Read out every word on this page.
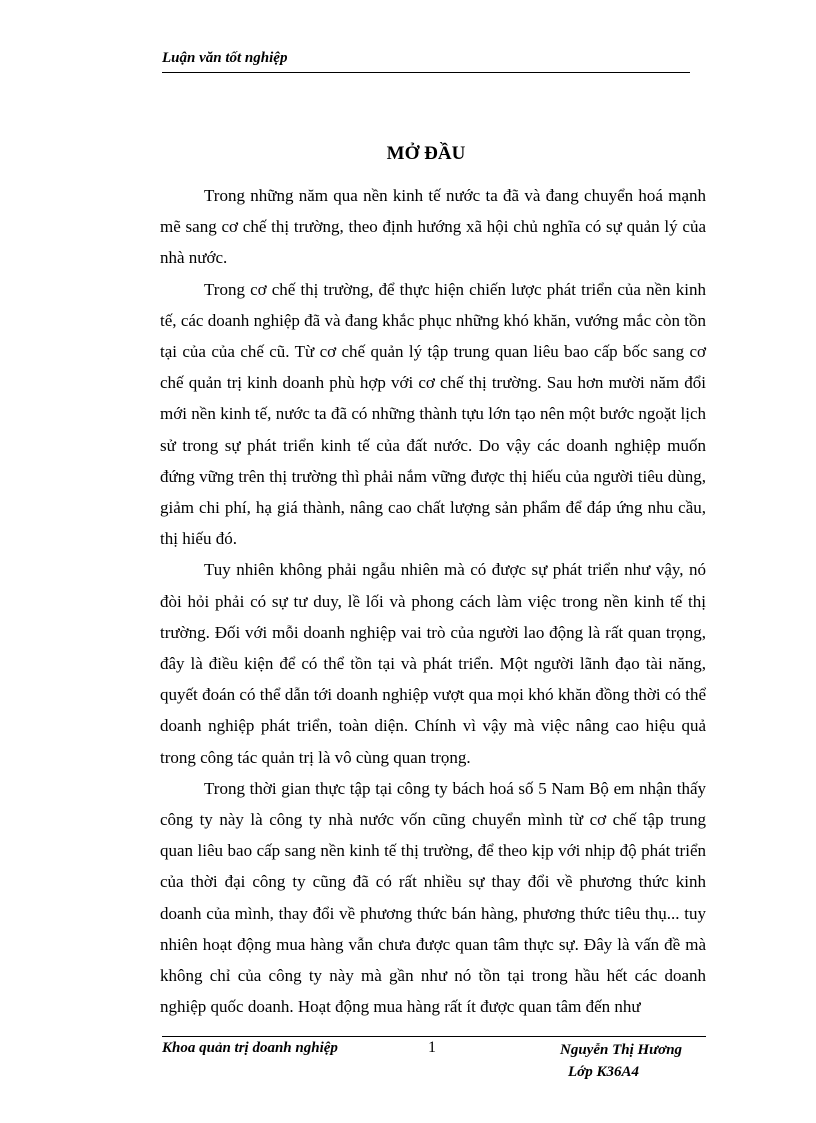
Luận văn tốt nghiệp
MỞ ĐẦU

Trong những năm qua nền kinh tế nước ta đã và đang chuyển hoá mạnh mẽ sang cơ chế thị trường, theo định hướng xã hội chủ nghĩa có sự quản lý của nhà nước.

Trong cơ chế thị trường, để thực hiện chiến lược phát triển của nền kinh tế, các doanh nghiệp đã và đang khắc phục những khó khăn, vướng mắc còn tồn tại của của chế cũ. Từ cơ chế quản lý tập trung quan liêu bao cấp bốc sang cơ chế quản trị kinh doanh phù hợp với cơ chế thị trường. Sau hơn mười năm đổi mới nền kinh tế, nước ta đã có những thành tựu lớn tạo nên một bước ngoặt lịch sử trong sự phát triển kinh tế của đất nước. Do vậy các doanh nghiệp muốn đứng vững trên thị trường thì phải nắm vững được thị hiếu của người tiêu dùng, giảm chi phí, hạ giá thành, nâng cao chất lượng sản phẩm để đáp ứng nhu cầu, thị hiếu đó.

Tuy nhiên không phải ngẫu nhiên mà có được sự phát triển như vậy, nó đòi hỏi phải có sự tư duy, lề lối và phong cách làm việc trong nền kinh tế thị trường. Đối với mỗi doanh nghiệp vai trò của người lao động là rất quan trọng, đây là điều kiện để có thể tồn tại và phát triển. Một người lãnh đạo tài năng, quyết đoán có thể dẫn tới doanh nghiệp vượt qua mọi khó khăn đồng thời có thể doanh nghiệp phát triển, toàn diện. Chính vì vậy mà việc nâng cao hiệu quả trong công tác quản trị là vô cùng quan trọng.

Trong thời gian thực tập tại công ty bách hoá số 5 Nam Bộ em nhận thấy công ty này là công ty nhà nước vốn cũng chuyển mình từ cơ chế tập trung quan liêu bao cấp sang nền kinh tế thị trường, để theo kịp với nhịp độ phát triển của thời đại công ty cũng đã có rất nhiều sự thay đổi về phương thức kinh doanh của mình, thay đổi về phương thức bán hàng, phương thức tiêu thụ... tuy nhiên hoạt động mua hàng vẫn chưa được quan tâm thực sự. Đây là vấn đề mà không chỉ của công ty này mà gần như nó tồn tại trong hầu hết các doanh nghiệp quốc doanh. Hoạt động mua hàng rất ít được quan tâm đến như

Khoa quản trị doanh nghiệp	1	Nguyễn Thị Hương
Lớp K36A4
